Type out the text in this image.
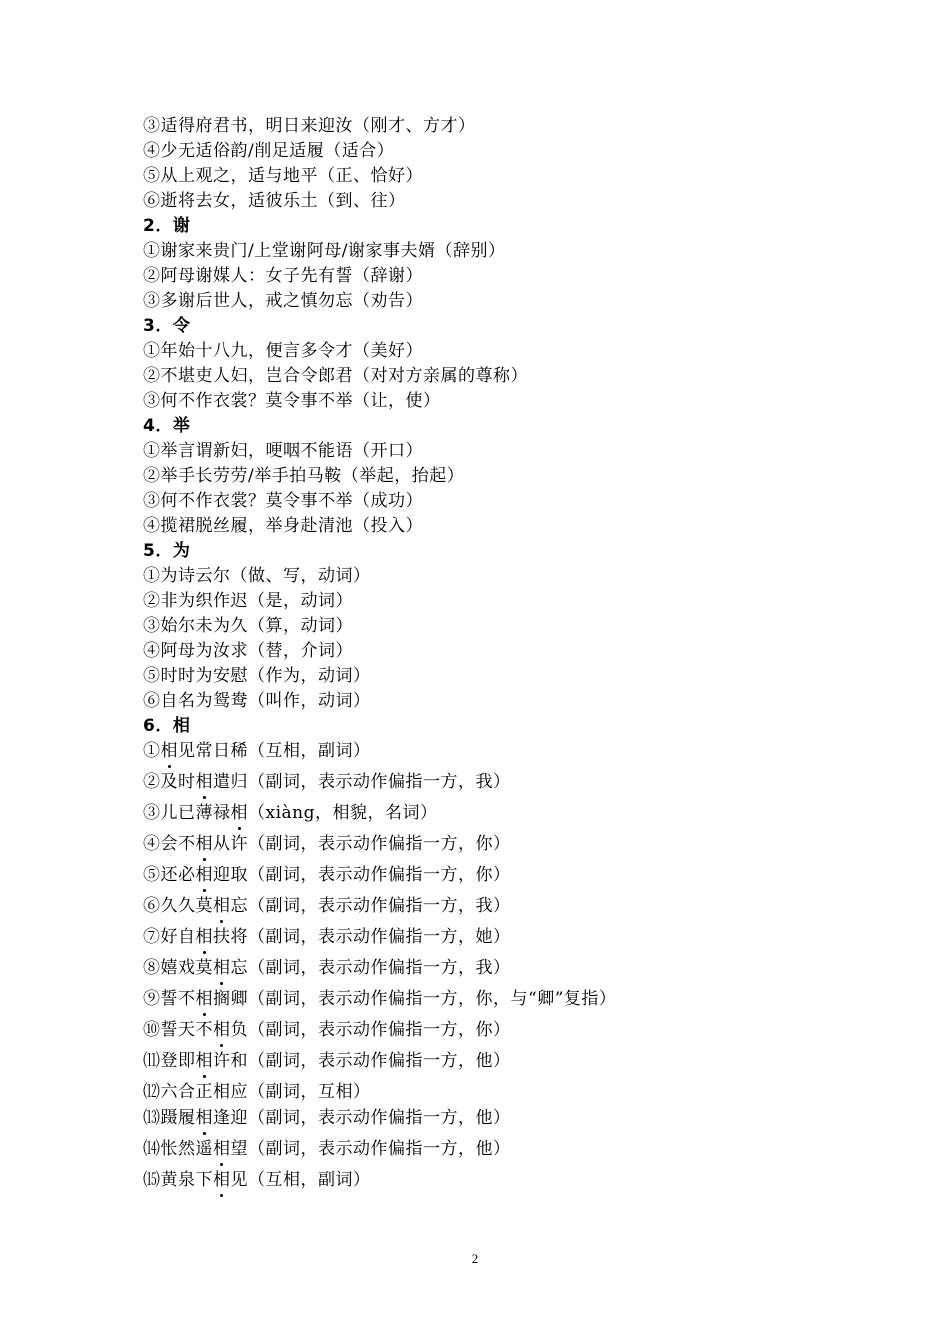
③适得府君书，明日来迎汝（刚才、方才）
④少无适俗韵/削足适履（适合）
⑤从上观之，适与地平（正、恰好）
⑥逝将去女，适彼乐土（到、往）
2．谢
①谢家来贵门/上堂谢阿母/谢家事夫婿（辞别）
②阿母谢媒人：女子先有誓（辞谢）
③多谢后世人，戒之慎勿忘（劝告）
3．令
①年始十八九，便言多令才（美好）
②不堪吏人妇，岂合令郎君（对对方亲属的尊称）
③何不作衣裳？莫令事不举（让，使）
4．举
①举言谓新妇，哽咽不能语（开口）
②举手长劳劳/举手拍马鞍（举起，抬起）
③何不作衣裳？莫令事不举（成功）
④揽裙脱丝履，举身赴清池（投入）
5．为
①为诗云尔（做、写，动词）
②非为织作迟（是，动词）
③始尔未为久（算，动词）
④阿母为汝求（替，介词）
⑤时时为安慰（作为，动词）
⑥自名为鸳鸯（叫作，动词）
6．相
①相见常日稀（互相，副词）
②及时相遣归（副词，表示动作偏指一方，我）
③儿已薄禄相（xiàng，相貌，名词）
④会不相从许（副词，表示动作偏指一方，你）
⑤还必相迎取（副词，表示动作偏指一方，你）
⑥久久莫相忘（副词，表示动作偏指一方，我）
⑦好自相扶将（副词，表示动作偏指一方，她）
⑧嬉戏莫相忘（副词，表示动作偏指一方，我）
⑨誓不相搁卿（副词，表示动作偏指一方，你，与“卿”复指）
⑩誓天不相负（副词，表示动作偏指一方，你）
⑾登即相许和（副词，表示动作偏指一方，他）
⑿六合正相应（副词，互相）
⒀蹑履相逢迎（副词，表示动作偏指一方，他）
⒁怅然遥相望（副词，表示动作偏指一方，他）
⒂黄泉下相见（互相，副词）
2
